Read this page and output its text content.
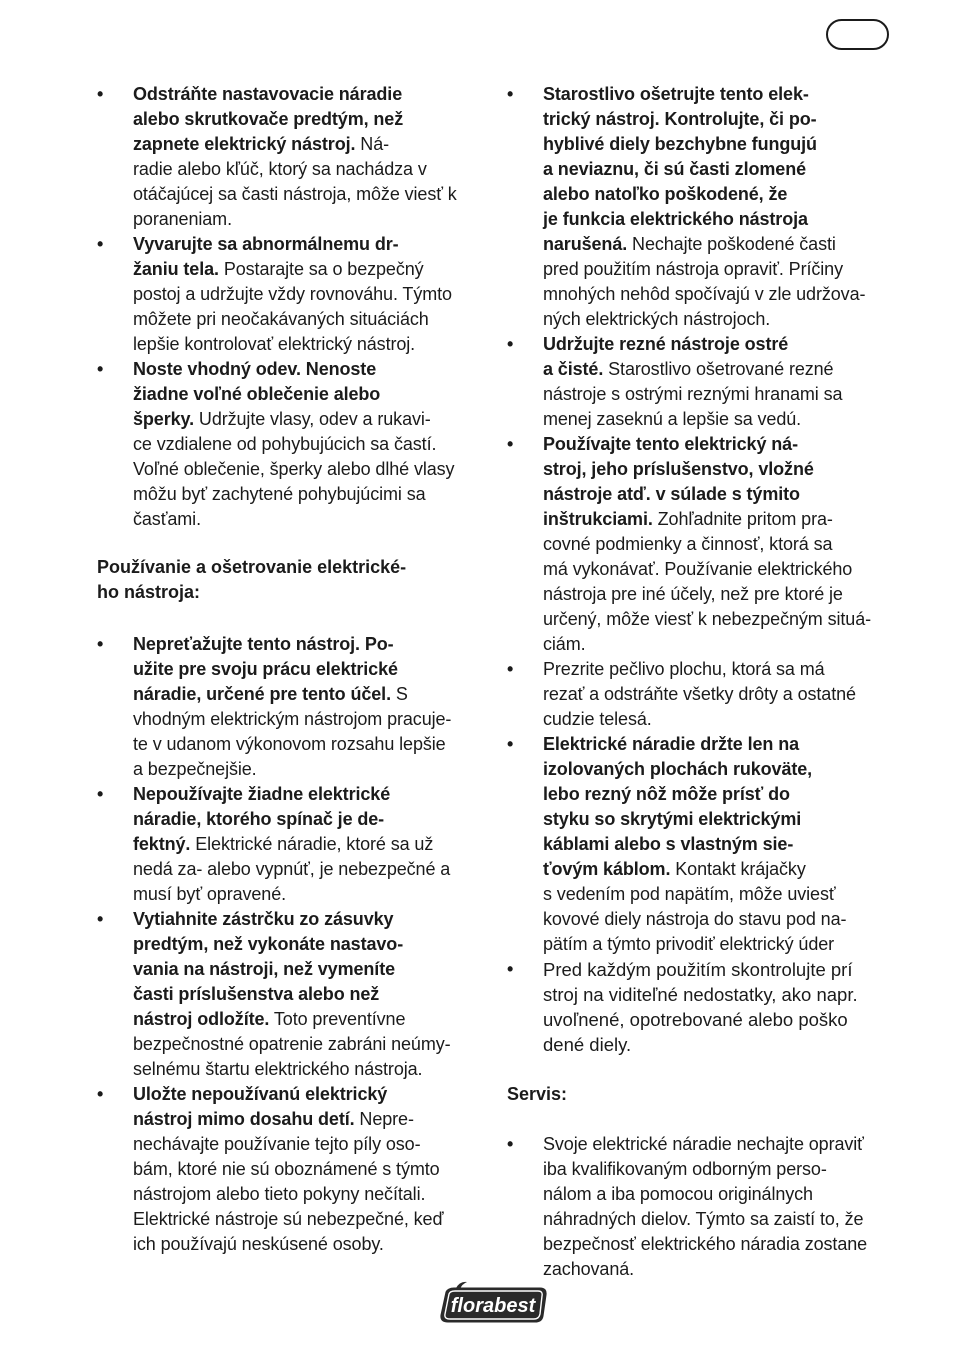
•	Odstráňte nastavovacie náradie
alebo skrutkovače predtým, než
zapnete elektrický nástroj. Ná-
radie alebo kľúč, ktorý sa nachádza v
otáčajúcej sa časti nástroja, môže viesť k
poraneniam.
•	Vyvarujte sa abnormálnemu dr-
žaniu tela. Postarajte sa o bezpečný
postoj a udržujte vždy rovnováhu. Týmto
môžete pri neočakávaných situáciách
lepšie kontrolovať elektrický nástroj.
•	Noste vhodný odev. Nenoste
žiadne voľné oblečenie alebo
šperky. Udržujte vlasy, odev a rukavi-
ce vzdialene od pohybujúcich sa častí.
Voľné oblečenie, šperky alebo dlhé vlasy
môžu byť zachytené pohybujúcimi sa
časťami.
Používanie a ošetrovanie elektrické-
ho nástroja:
•	Nepreťažujte tento nástroj. Po-
užite pre svoju prácu elektrické
náradie, určené pre tento účel. S
vhodným elektrickým nástrojom pracuje-
te v udanom výkonovom rozsahu lepšie
a bezpečnejšie.
•	Nepoužívajte žiadne elektrické
náradie, ktorého spínač je de-
fektný. Elektrické náradie, ktoré sa už
nedá za- alebo vypnúť, je nebezpečné a
musí byť opravené.
•	Vytiahnite zástrčku zo zásuvky
predtým, než vykonáte nastavo-
vania na nástroji, než vymeníte
časti príslušenstva alebo než
nástroj odložíte. Toto preventívne
bezpečnostné opatrenie zabráni neúmy-
selnému štartu elektrického nástroja.
•	Uložte nepoužívanú elektrický
nástroj mimo dosahu detí. Nepre-
nechávajte používanie tejto píly oso-
bám, ktoré nie sú oboznámené s týmto
nástrojom alebo tieto pokyny nečítali.
Elektrické nástroje sú nebezpečné, keď
ich používajú neskúsené osoby.
•	Starostlivo ošetrujte tento elek-
trický nástroj. Kontrolujte, či po-
hyblivé diely bezchybne fungujú
a neviaznu, či sú časti zlomené
alebo natoľko poškodené, že
je funkcia elektrického nástroja
narušená. Nechajte poškodené časti
pred použitím nástroja opraviť. Príčiny
mnohých nehôd spočívajú v zle udržova-
ných elektrických nástrojoch.
•	Udržujte rezné nástroje ostré
a čisté. Starostlivo ošetrované rezné
nástroje s ostrými reznými hranami sa
menej zaseknú a lepšie sa vedú.
•	Používajte tento elektrický ná-
stroj, jeho príslušenstvo, vložné
nástroje atď. v súlade s týmito
inštrukciami. Zohľadnite pritom pra-
covné podmienky a činnosť, ktorá sa
má vykonávať. Používanie elektrického
nástroja pre iné účely, než pre ktoré je
určený, môže viesť k nebezpečným situá-
ciám.
•	Prezrite pečlivo plochu, ktorá sa má
rezať a odstráňte všetky drôty a ostatné
cudzie telesá.
•	Elektrické náradie držte len na
izolovaných plochách rukoväte,
lebo rezný nôž môže prísť do
styku so skrytými elektrickými
káblami alebo s vlastným sie-
ťovým káblom. Kontakt krájačky
s vedením pod napätím, môže uviesť
kovové diely nástroja do stavu pod na-
pätím a týmto privodiť elektrický úder
•	Pred každým použitím skontrolujte prí
stroj na viditeľné nedostatky, ako napr.
uvoľnené, opotrebované alebo poško
dené diely.
Servis:
•	Svoje elektrické náradie nechajte opraviť
iba kvalifikovaným odborným perso-
nálom a iba pomocou originálnych
náhradných dielov. Týmto sa zaistí to, že
bezpečnosť elektrického náradia zostane
zachovaná.
florabest
